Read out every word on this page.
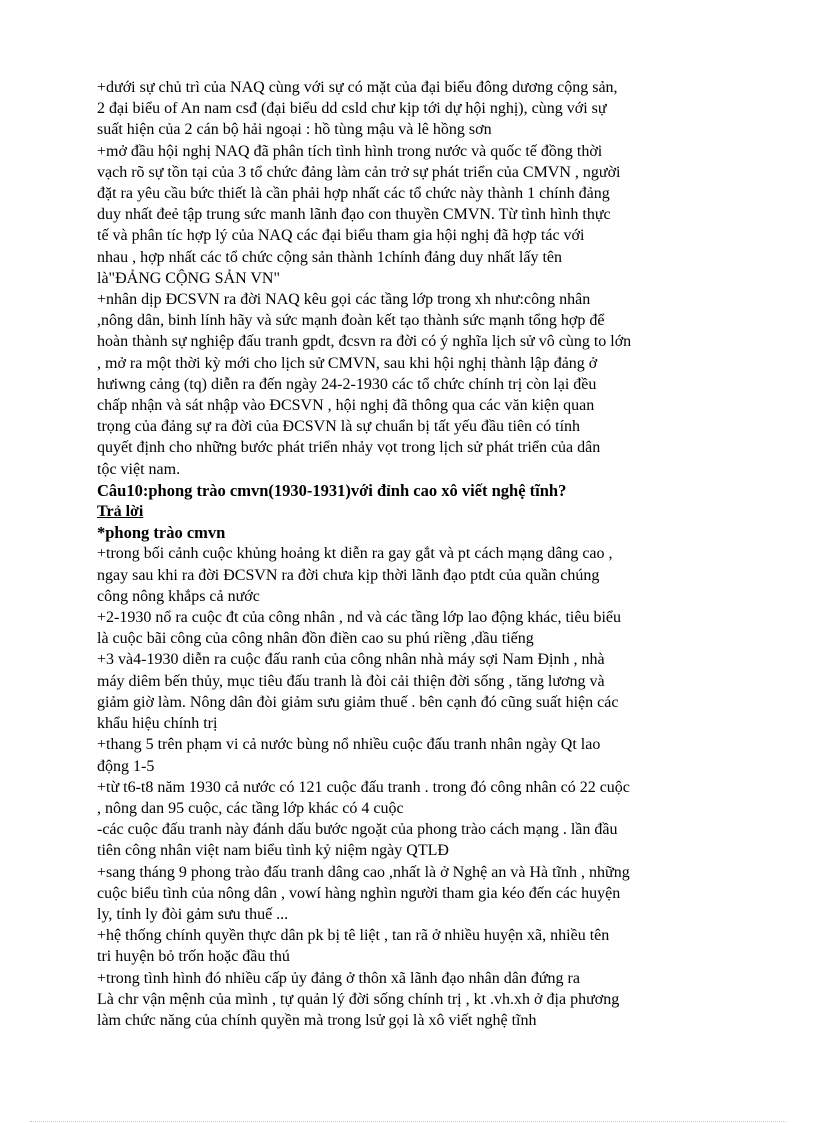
+dưới sự chủ trì của NAQ cùng với sự có mặt của đại biểu đông dương cộng sản,
2 đại biểu of An nam csđ (đại biểu dd csld chư kịp tới dự hội nghị), cùng với sự
suất hiện của 2 cán bộ hải ngoại : hồ tùng mậu và lê hồng sơn

+mở đầu hội nghị NAQ đã phân tích tình hình trong nước và quốc tế đồng thời
vạch rõ sự tồn tại của 3 tổ chức đảng làm cản trở sự phát triển của CMVN , người
đặt ra yêu cầu bức thiết là cần phải hợp nhất các tổ chức này thành 1 chính đảng
duy nhất đeẻ tập trung sức manh lãnh đạo con thuyền CMVN. Từ tình hình thực
tế và phân tíc hợp lý của NAQ các đại biểu tham gia hội nghị đã hợp tác với
nhau , hợp nhất các tổ chức cộng sản thành 1chính đảng duy nhất lấy tên
là"ĐẢNG CỘNG SẢN VN"

+nhân dịp ĐCSVN ra đời NAQ kêu gọi các tầng lớp trong xh như:công nhân
,nông dân, binh lính hãy và sức mạnh đoàn kết tạo thành sức mạnh tổng hợp để
hoàn thành sự nghiệp đấu tranh gpdt, đcsvn ra đời có ý nghĩa lịch sử vô cùng to lớn
, mở ra một thời kỳ mới cho lịch sử CMVN, sau khi hội nghị thành lập đảng ở
hưiwng cảng (tq) diễn ra đến ngày 24-2-1930 các tổ chức chính trị còn lại đều
chấp nhận và sát nhập vào ĐCSVN , hội nghị đã thông qua các văn kiện quan
trọng của đảng sự ra đời của ĐCSVN là sự chuẩn bị tất yếu đầu tiên có tính
quyết định cho những bước phát triển nhảy vọt trong lịch sử phát triển của dân
tộc việt nam.

Câu10:phong trào cmvn(1930-1931)với đỉnh cao xô viết nghệ tĩnh?

Trả lời

*phong trào cmvn

+trong bối cảnh cuộc khủng hoảng kt diễn ra gay gắt và pt cách mạng dâng cao ,
ngay sau khi ra đời ĐCSVN ra đời chưa kịp thời lãnh đạo ptdt của quần chúng
công nông khắps cả nước

+2-1930 nổ ra cuộc đt của công nhân , nd và các tầng lớp lao động khác, tiêu biểu
là cuộc bãi công của công nhân đồn điền cao su phú riềng ,dầu tiếng

+3 và4-1930 diễn ra cuộc đấu ranh của công nhân nhà máy sợi Nam Định , nhà
máy diêm bến thủy, mục tiêu đấu tranh là đòi cải thiện đời sống , tăng lương và
giảm giờ làm. Nông dân đòi giảm sưu giảm thuế . bên cạnh đó cũng suất hiện các
khẩu hiệu chính trị

+thang 5 trên phạm vi cả nước bùng nổ nhiều cuộc đấu tranh nhân ngày Qt lao
động 1-5

+từ t6-t8 năm 1930 cả nước có 121 cuộc đấu tranh . trong đó công nhân có 22 cuộc
, nông dan 95 cuộc, các tầng lớp khác có 4 cuộc

-các cuộc đấu tranh này đánh dấu bước ngoặt của phong trào cách mạng . lần đầu
tiên công nhân việt nam biểu tình kỷ niệm ngày QTLĐ

+sang tháng 9 phong trào đấu tranh dâng cao ,nhất là ở Nghệ an và Hà tĩnh , những
cuộc biểu tình của nông dân , vowí hàng nghìn người tham gia kéo đến các huyện
ly, tỉnh ly đòi gảm sưu thuế ...

+hệ thống chính quyền thực dân pk bị tê liệt , tan rã ở nhiều huyện xã, nhiều tên
tri huyện bỏ trốn hoặc đầu thú

+trong tình hình đó nhiều cấp ủy đảng ở thôn xã lãnh đạo nhân dân đứng ra
Là chr vận mệnh của mình , tự quản lý đời sống chính trị , kt .vh.xh ở địa phương
làm chức năng của chính quyền mà trong lsử gọi là xô viết nghệ tĩnh
